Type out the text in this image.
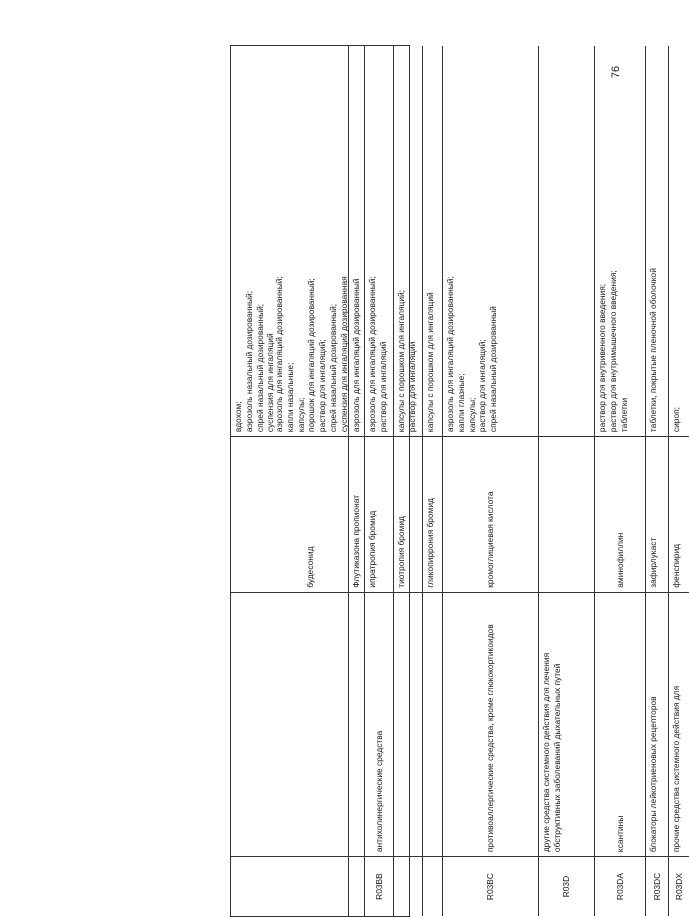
76
вдохом; аэрозоль назальный дозированный; спрей назальный дозированный; суспензия для ингаляций
будесонид
аэрозоль для ингаляций дозированный; капли назальные; капсулы; порошок для ингаляций дозированный; раствор для ингаляций; спрей назальный дозированный; суспензия для ингаляций дозированная
Флутиказона пропионат
аэрозоль для ингаляций дозированный
R03BB
антихолинергические средства
ипратропия бромид
аэрозоль для ингаляций дозированный; раствор для ингаляций
тиотропия бромид
капсулы с порошком для ингаляций; раствор для ингаляций
гликопиррония бромид
капсулы с порошком для ингаляций
R03BC
противоаллергические средства, кроме глюкокортикоидов
кромоглициевая кислота
аэрозоль для ингаляций дозированный; капли глазные; капсулы; раствор для ингаляций; спрей назальный дозированный
R03D
другие средства системного действия для лечения обструктивных заболеваний дыхательных путей
R03DA
ксантины
аминофиллин
раствор для внутривенного введения; раствор для внутримышечного введения; таблетки
R03DC
блокаторы лейкотриеновых рецепторов
зафирлукаст
таблетки, покрытые пленочной оболочкой
R03DX
прочие средства системного действия для
фенспирид
сироп;
